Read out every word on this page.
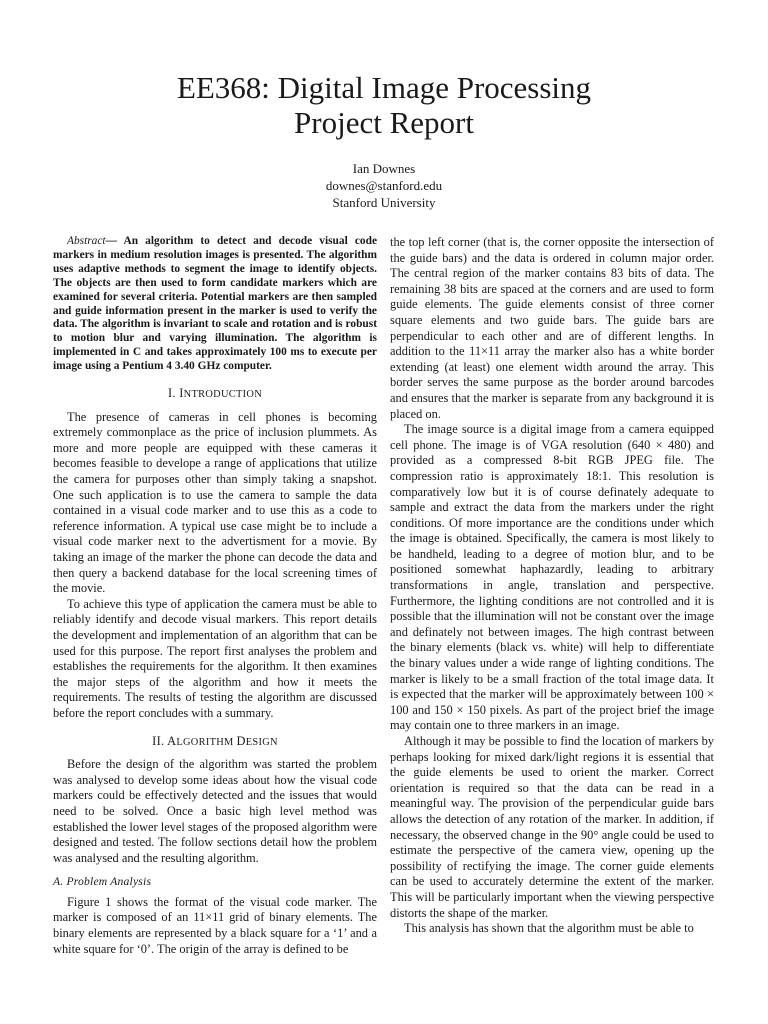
EE368: Digital Image Processing
Project Report
Ian Downes
downes@stanford.edu
Stanford University

Abstract— An algorithm to detect and decode visual code markers in medium resolution images is presented. The algorithm uses adaptive methods to segment the image to identify objects. The objects are then used to form candidate markers which are examined for several criteria. Potential markers are then sampled and guide information present in the marker is used to verify the data. The algorithm is invariant to scale and rotation and is robust to motion blur and varying illumination. The algorithm is implemented in C and takes approximately 100 ms to execute per image using a Pentium 4 3.40 GHz computer.

I. INTRODUCTION

The presence of cameras in cell phones is becoming extremely commonplace as the price of inclusion plummets. As more and more people are equipped with these cameras it becomes feasible to develope a range of applications that utilize the camera for purposes other than simply taking a snapshot. One such application is to use the camera to sample the data contained in a visual code marker and to use this as a code to reference information. A typical use case might be to include a visual code marker next to the advertisment for a movie. By taking an image of the marker the phone can decode the data and then query a backend database for the local screening times of the movie.

To achieve this type of application the camera must be able to reliably identify and decode visual markers. This report details the development and implementation of an algorithm that can be used for this purpose. The report first analyses the problem and establishes the requirements for the algorithm. It then examines the major steps of the algorithm and how it meets the requirements. The results of testing the algorithm are discussed before the report concludes with a summary.

II. ALGORITHM DESIGN

Before the design of the algorithm was started the problem was analysed to develop some ideas about how the visual code markers could be effectively detected and the issues that would need to be solved. Once a basic high level method was established the lower level stages of the proposed algorithm were designed and tested. The follow sections detail how the problem was analysed and the resulting algorithm.

A. Problem Analysis

Figure 1 shows the format of the visual code marker. The marker is composed of an 11×11 grid of binary elements. The binary elements are represented by a black square for a ‘1’ and a white square for ‘0’. The origin of the array is defined to be

the top left corner (that is, the corner opposite the intersection of the guide bars) and the data is ordered in column major order. The central region of the marker contains 83 bits of data. The remaining 38 bits are spaced at the corners and are used to form guide elements. The guide elements consist of three corner square elements and two guide bars. The guide bars are perpendicular to each other and are of different lengths. In addition to the 11×11 array the marker also has a white border extending (at least) one element width around the array. This border serves the same purpose as the border around barcodes and ensures that the marker is separate from any background it is placed on.

The image source is a digital image from a camera equipped cell phone. The image is of VGA resolution (640 × 480) and provided as a compressed 8-bit RGB JPEG file. The compression ratio is approximately 18:1. This resolution is comparatively low but it is of course definately adequate to sample and extract the data from the markers under the right conditions. Of more importance are the conditions under which the image is obtained. Specifically, the camera is most likely to be handheld, leading to a degree of motion blur, and to be positioned somewhat haphazardly, leading to arbitrary transformations in angle, translation and perspective. Furthermore, the lighting conditions are not controlled and it is possible that the illumination will not be constant over the image and definately not between images. The high contrast between the binary elements (black vs. white) will help to differentiate the binary values under a wide range of lighting conditions. The marker is likely to be a small fraction of the total image data. It is expected that the marker will be approximately between 100 × 100 and 150 × 150 pixels. As part of the project brief the image may contain one to three markers in an image.

Although it may be possible to find the location of markers by perhaps looking for mixed dark/light regions it is essential that the guide elements be used to orient the marker. Correct orientation is required so that the data can be read in a meaningful way. The provision of the perpendicular guide bars allows the detection of any rotation of the marker. In addition, if necessary, the observed change in the 90° angle could be used to estimate the perspective of the camera view, opening up the possibility of rectifying the image. The corner guide elements can be used to accurately determine the extent of the marker. This will be particularly important when the viewing perspective distorts the shape of the marker.

This analysis has shown that the algorithm must be able to
